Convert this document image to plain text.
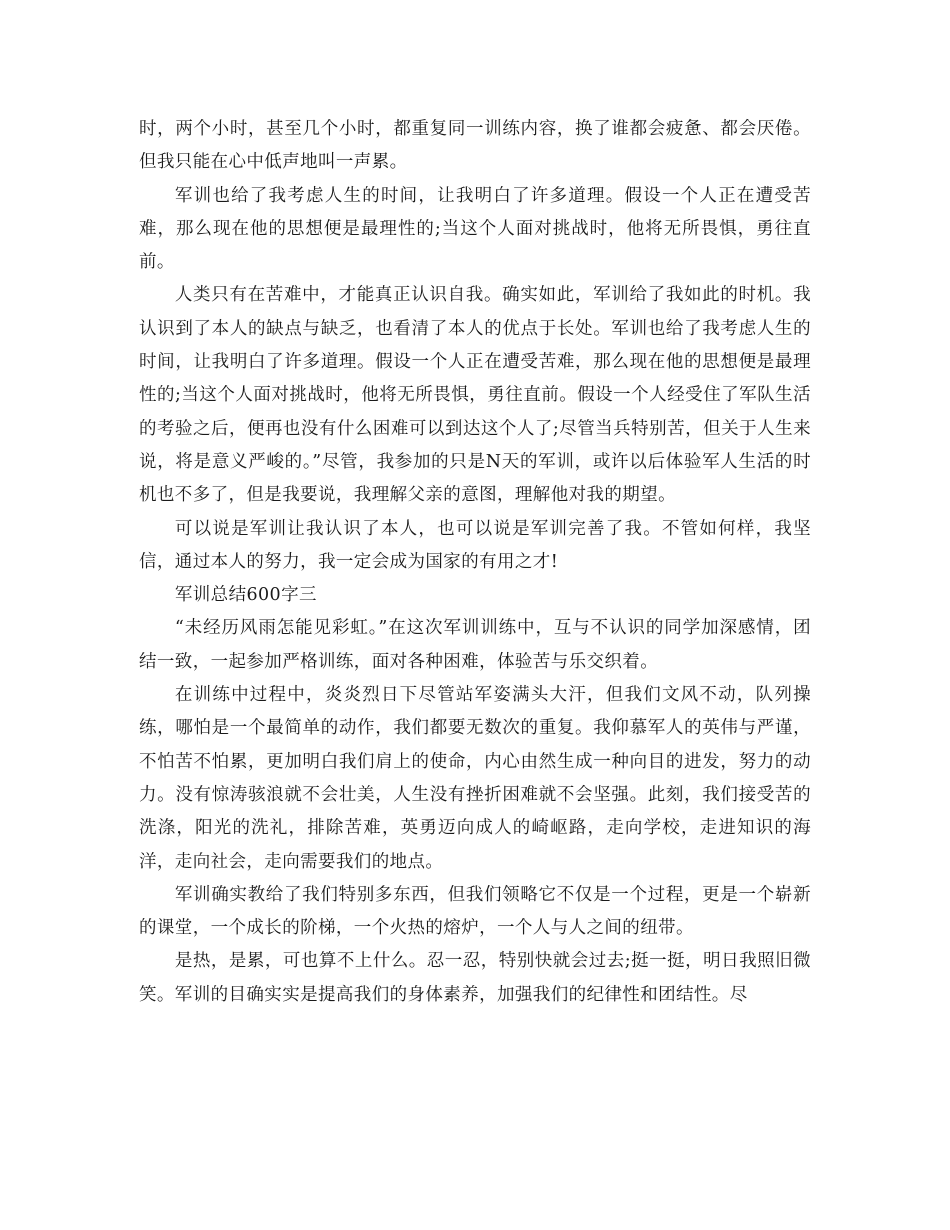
时，两个小时，甚至几个小时，都重复同一训练内容，换了谁都会疲惫、都会厌倦。但我只能在心中低声地叫一声累。

军训也给了我考虑人生的时间，让我明白了许多道理。假设一个人正在遭受苦难，那么现在他的思想便是最理性的;当这个人面对挑战时，他将无所畏惧，勇往直前。

人类只有在苦难中，才能真正认识自我。确实如此，军训给了我如此的时机。我认识到了本人的缺点与缺乏，也看清了本人的优点于长处。军训也给了我考虑人生的时间，让我明白了许多道理。假设一个人正在遭受苦难，那么现在他的思想便是最理性的;当这个人面对挑战时，他将无所畏惧，勇往直前。假设一个人经受住了军队生活的考验之后，便再也没有什么困难可以到达这个人了;尽管当兵特别苦，但关于人生来说，将是意义严峻的。”尽管，我参加的只是N天的军训，或许以后体验军人生活的时机也不多了，但是我要说，我理解父亲的意图，理解他对我的期望。

可以说是军训让我认识了本人，也可以说是军训完善了我。不管如何样，我坚信，通过本人的努力，我一定会成为国家的有用之才!

军训总结600字三

“未经历风雨怎能见彩虹。”在这次军训训练中，互与不认识的同学加深感情，团结一致，一起参加严格训练，面对各种困难，体验苦与乐交织着。

在训练中过程中，炎炎烈日下尽管站军姿满头大汗，但我们文风不动，队列操练，哪怕是一个最简单的动作，我们都要无数次的重复。我仰慕军人的英伟与严谨，不怕苦不怕累，更加明白我们肩上的使命，内心由然生成一种向目的进发，努力的动力。没有惊涛骇浪就不会壮美，人生没有挫折困难就不会坚强。此刻，我们接受苦的洗涤，阳光的洗礼，排除苦难，英勇迈向成人的崎岖路，走向学校，走进知识的海洋，走向社会，走向需要我们的地点。

军训确实教给了我们特别多东西，但我们领略它不仅是一个过程，更是一个崭新的课堂，一个成长的阶梯，一个火热的熔炉，一个人与人之间的纽带。

是热，是累，可也算不上什么。忍一忍，特别快就会过去;挺一挺，明日我照旧微笑。军训的目确实实是提高我们的身体素养，加强我们的纪律性和团结性。尽
